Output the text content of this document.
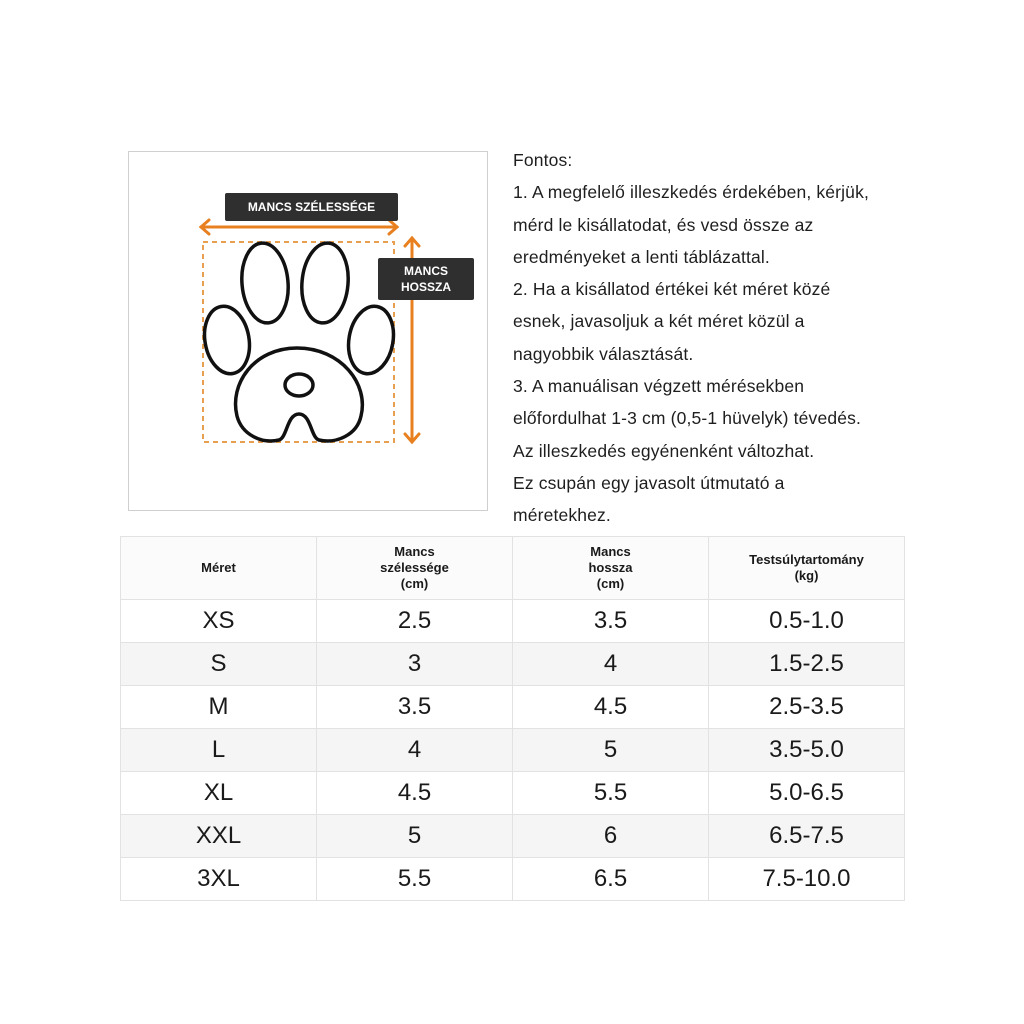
MANCS SZÉLESSÉGE
MANCS
HOSSZA
Fontos:
1. A megfelelő illeszkedés érdekében, kérjük,
mérd le kisállatodat, és vesd össze az
eredményeket a lenti táblázattal.
2. Ha a kisállatod értékei két méret közé
esnek, javasoljuk a két méret közül a
nagyobbik választását.
3. A manuálisan végzett mérésekben
előfordulhat 1-3 cm (0,5-1 hüvelyk) tévedés.
Az illeszkedés egyénenként változhat.
Ez csupán egy javasolt útmutató a
méretekhez.
Méret	Mancs
szélessége
(cm)	Mancs
hossza
(cm)	Testsúlytartomány
(kg)
XS	2.5	3.5	0.5-1.0
S	3	4	1.5-2.5
M	3.5	4.5	2.5-3.5
L	4	5	3.5-5.0
XL	4.5	5.5	5.0-6.5
XXL	5	6	6.5-7.5
3XL	5.5	6.5	7.5-10.0
